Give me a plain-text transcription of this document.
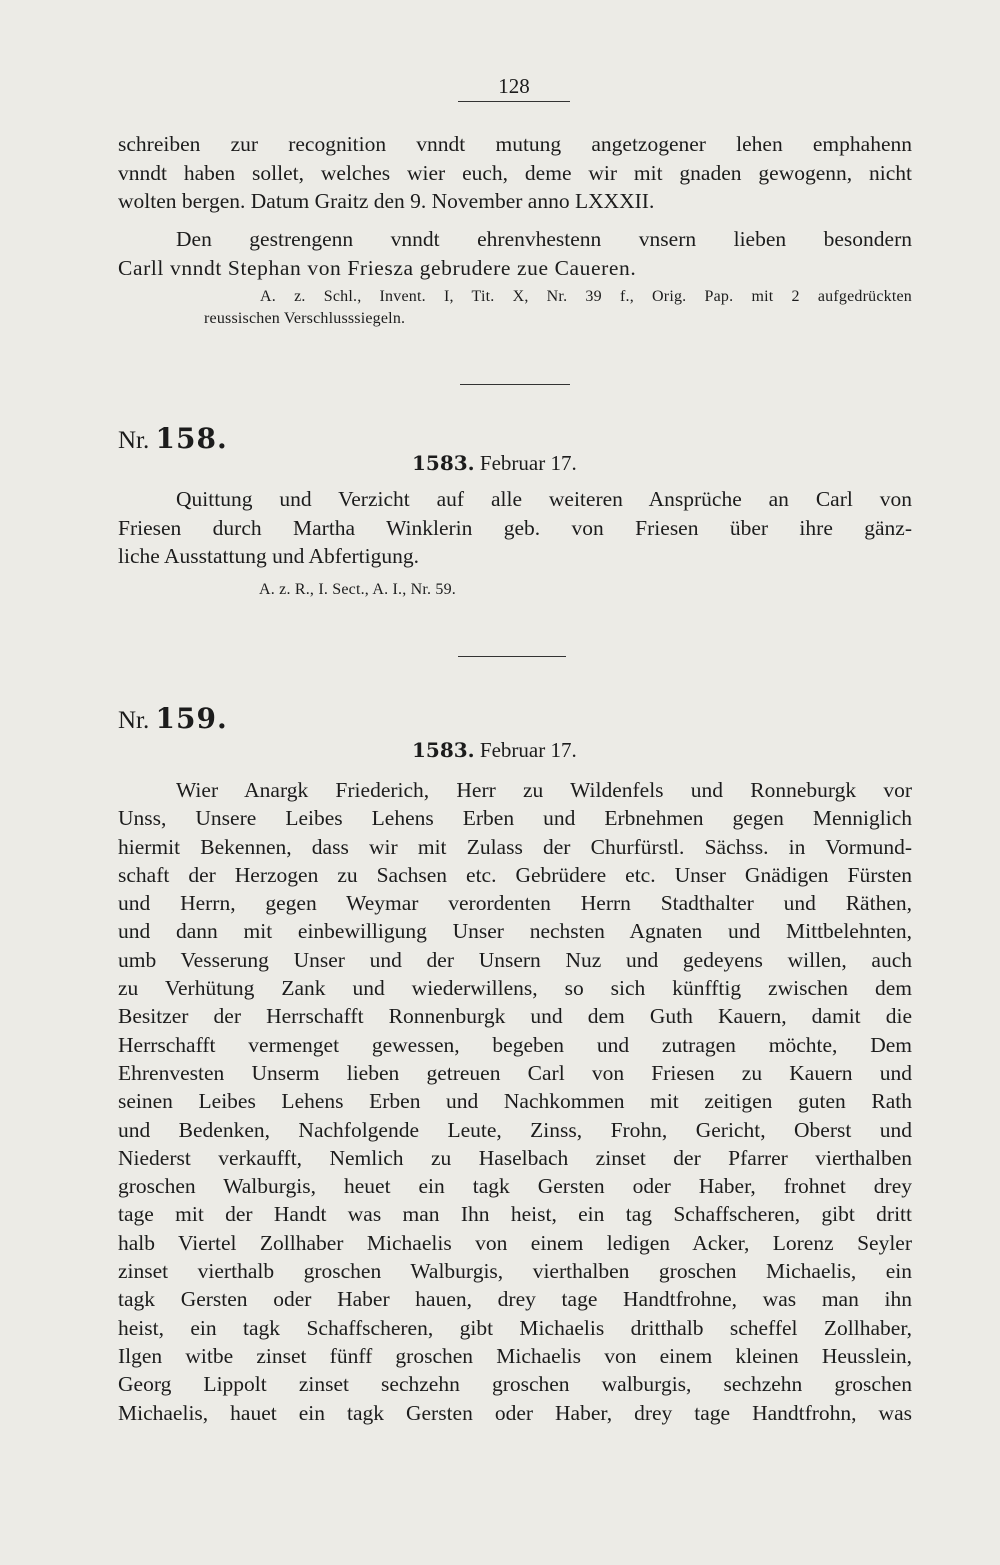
128
schreiben zur recognition vnndt mutung angetzogener lehen emphahenn
vnndt haben sollet, welches wier euch, deme wir mit gnaden gewogenn, nicht
wolten bergen. Datum Graitz den 9. November anno LXXXII.
Den gestrengenn vnndt ehrenvhestenn vnsern lieben besondern
Carll vnndt Stephan von Friesza gebrudere zue Caueren.
A. z. Schl., Invent. I, Tit. X, Nr. 39 f., Orig. Pap. mit 2 aufgedrückten
reussischen Verschlusssiegeln.
Nr. 158.
1583. Februar 17.
Quittung und Verzicht auf alle weiteren Ansprüche an Carl von
Friesen durch Martha Winklerin geb. von Friesen über ihre gänz-
liche Ausstattung und Abfertigung.
A. z. R., I. Sect., A. I., Nr. 59.
Nr. 159.
1583. Februar 17.
Wier Anargk Friederich, Herr zu Wildenfels und Ronneburgk vor
Unss, Unsere Leibes Lehens Erben und Erbnehmen gegen Menniglich
hiermit Bekennen, dass wir mit Zulass der Churfürstl. Sächss. in Vormund-
schaft der Herzogen zu Sachsen etc. Gebrüdere etc. Unser Gnädigen Fürsten
und Herrn, gegen Weymar verordenten Herrn Stadthalter und Räthen,
und dann mit einbewilligung Unser nechsten Agnaten und Mittbelehnten,
umb Vesserung Unser und der Unsern Nuz und gedeyens willen, auch
zu Verhütung Zank und wiederwillens, so sich künfftig zwischen dem
Besitzer der Herrschafft Ronnenburgk und dem Guth Kauern, damit die
Herrschafft vermenget gewessen, begeben und zutragen möchte, Dem
Ehrenvesten Unserm lieben getreuen Carl von Friesen zu Kauern und
seinen Leibes Lehens Erben und Nachkommen mit zeitigen guten Rath
und Bedenken, Nachfolgende Leute, Zinss, Frohn, Gericht, Oberst und
Niederst verkaufft, Nemlich zu Haselbach zinset der Pfarrer vierthalben
groschen Walburgis, heuet ein tagk Gersten oder Haber, frohnet drey
tage mit der Handt was man Ihn heist, ein tag Schaffscheren, gibt dritt
halb Viertel Zollhaber Michaelis von einem ledigen Acker, Lorenz Seyler
zinset vierthalb groschen Walburgis, vierthalben groschen Michaelis, ein
tagk Gersten oder Haber hauen, drey tage Handtfrohne, was man ihn
heist, ein tagk Schaffscheren, gibt Michaelis dritthalb scheffel Zollhaber,
Ilgen witbe zinset fünff groschen Michaelis von einem kleinen Heusslein,
Georg Lippolt zinset sechzehn groschen walburgis, sechzehn groschen
Michaelis, hauet ein tagk Gersten oder Haber, drey tage Handtfrohn, was
